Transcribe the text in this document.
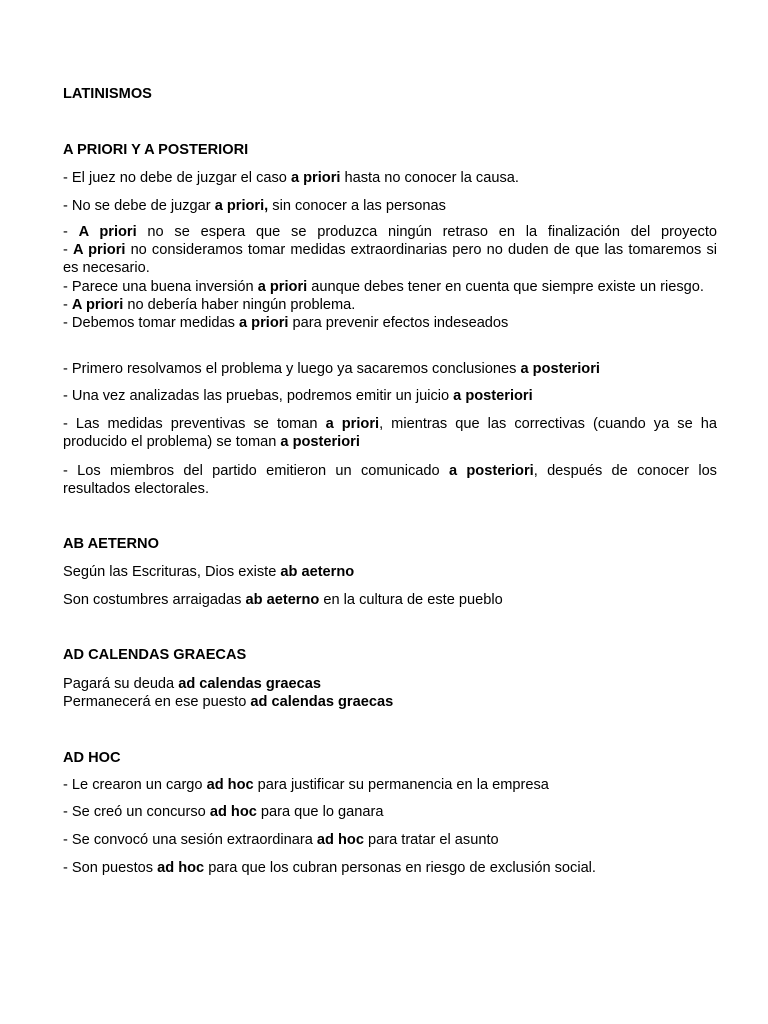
LATINISMOS

A PRIORI Y A POSTERIORI

- El juez no debe de juzgar el caso a priori hasta no conocer la causa.

- No se debe de juzgar a priori, sin conocer a las personas

- A priori no se espera que se produzca ningún retraso en la finalización del proyecto
- A priori no consideramos tomar medidas extraordinarias pero no duden de que las tomaremos si es necesario.
- Parece una buena inversión a priori aunque debes tener en cuenta que siempre existe un riesgo.
- A priori no debería haber ningún problema.
- Debemos tomar medidas a priori para prevenir efectos indeseados

- Primero resolvamos el problema y luego ya sacaremos conclusiones a posteriori

- Una vez analizadas las pruebas, podremos emitir un juicio a posteriori

- Las medidas preventivas se toman a priori, mientras que las correctivas (cuando ya se ha producido el problema) se toman a posteriori

- Los miembros del partido emitieron un comunicado a posteriori, después de conocer los resultados electorales.

AB AETERNO

Según las Escrituras, Dios existe ab aeterno

Son costumbres arraigadas ab aeterno en la cultura de este pueblo

AD CALENDAS GRAECAS

Pagará su deuda ad calendas graecas
Permanecerá en ese puesto ad calendas graecas

AD HOC

- Le crearon un cargo ad hoc para justificar su permanencia en la empresa

- Se creó un concurso ad hoc para que lo ganara

- Se convocó una sesión extraordinara ad hoc para tratar el asunto

- Son puestos ad hoc para que los cubran personas en riesgo de exclusión social.
